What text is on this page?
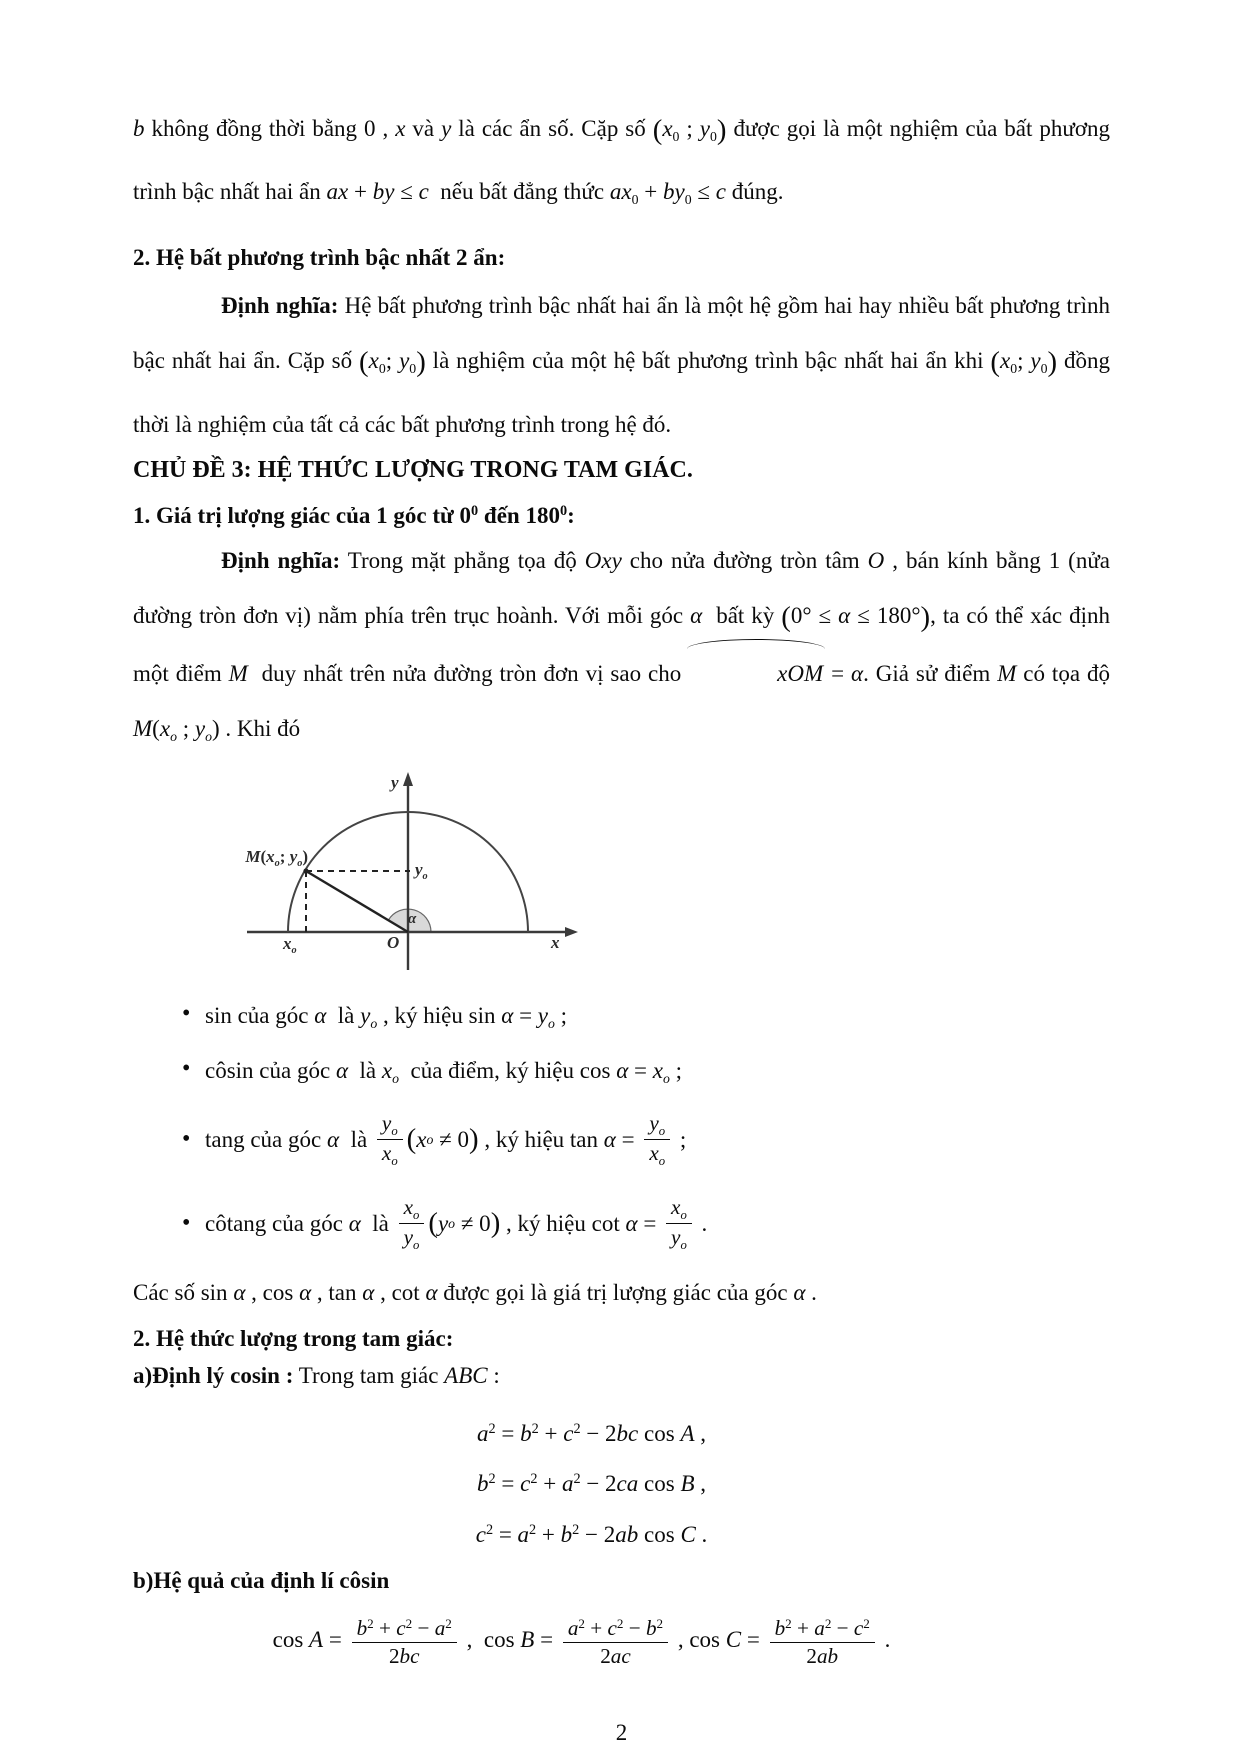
b không đồng thời bằng 0 , x và y là các ẩn số. Cặp số ($x_0$ ; $y_0$) được gọi là một nghiệm của bất phương trình bậc nhất hai ẩn ax + by ≤ c  nếu bất đẳng thức $ax_0 + by_0 \le c$ đúng.

2. Hệ bất phương trình bậc nhất 2 ẩn:

Định nghĩa: Hệ bất phương trình bậc nhất hai ẩn là một hệ gồm hai hay nhiều bất phương trình bậc nhất hai ẩn. Cặp số ($x_0$; $y_0$) là nghiệm của một hệ bất phương trình bậc nhất hai ẩn khi ($x_0$; $y_0$) đồng thời là nghiệm của tất cả các bất phương trình trong hệ đó.

CHỦ ĐỀ 3: HỆ THỨC LƯỢNG TRONG TAM GIÁC.
1. Giá trị lượng giác của 1 góc từ $0^0$ đến $180^0$:

Định nghĩa: Trong mặt phẳng tọa độ Oxy cho nửa đường tròn tâm O , bán kính bằng 1 (nửa đường tròn đơn vị) nằm phía trên trục hoành. Với mỗi góc α  bất kỳ (0° ≤ α ≤ 180°), ta có thể xác định một điểm M  duy nhất trên nửa đường tròn đơn vị sao cho	xOM = α. Giả sử điểm M có tọa độ $M(x_o$ ; $y_o$) . Khi đó

y
x
O
$x_o$
$y_o$
α
$M(x_o$; $y_o$)
• sin của góc α  là $y_o$ , ký hiệu $\sin \alpha = y_o$ ;
• côsin của góc α  là $x_o$  của điểm, ký hiệu $\cos \alpha = x_o$ ;
• tang của góc α là $\frac{y_o}{x_o}$ ( x o ≠ 0 ) , ký hiệu $\tan \alpha = \frac{y_o}{x_o}$ ;
• côtang của góc α là $\frac{x_o}{y_o}$ ( y o ≠ 0 ) , ký hiệu $\cot \alpha = \frac{x_o}{y_o}$ .

Các số sin α , cos α , tan α , cot α được gọi là giá trị lượng giác của góc α .

2. Hệ thức lượng trong tam giác:

a)Định lý cosin : Trong tam giác ABC :

$a^2 = b^2 + c^2 - 2bc$ cos A ,
$b^2 = c^2 + a^2 - 2ca$ cos B ,
$c^2 = a^2 + b^2 - 2ab$ cos C .
b)Hệ quả của định lí côsin
$\cos A = \frac{b^2 + c^2 - a^2}{2bc}$ ,  $\cos B = \frac{a^2 + c^2 - b^2}{2ac}$ , $\cos C = \frac{b^2 + a^2 - c^2}{2ab}$ .
2
